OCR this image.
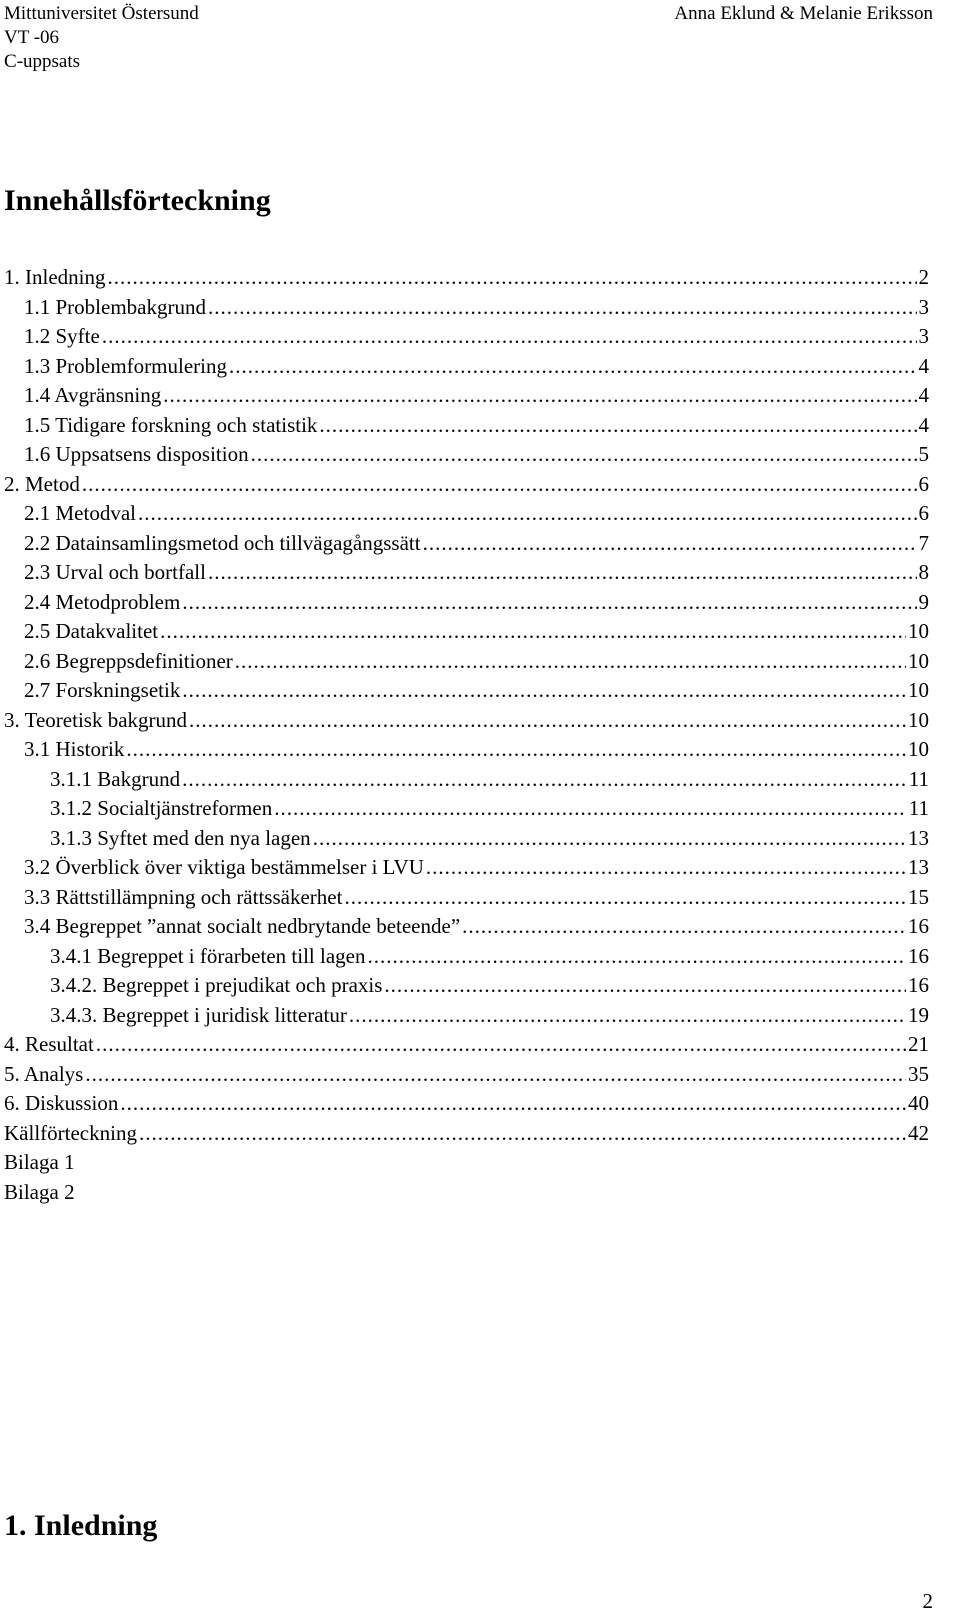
Mittuniversitet Östersund
VT -06
C-uppsats
Anna Eklund & Melanie Eriksson
Innehållsförteckning
1. Inledning .....	2
1.1 Problembakgrund .....	3
1.2 Syfte .....	3
1.3 Problemformulering .....	4
1.4 Avgränsning .....	4
1.5 Tidigare forskning och statistik .....	4
1.6 Uppsatsens disposition .....	5
2. Metod .....	6
2.1 Metodval .....	6
2.2 Datainsamlingsmetod och tillvägagångssätt .....	7
2.3 Urval och bortfall .....	8
2.4 Metodproblem .....	9
2.5 Datakvalitet .....	10
2.6 Begreppsdefinitioner .....	10
2.7 Forskningsetik .....	10
3. Teoretisk bakgrund .....	10
3.1 Historik .....	10
3.1.1 Bakgrund .....	11
3.1.2 Socialtjänstreformen .....	11
3.1.3 Syftet med den nya lagen .....	13
3.2 Överblick över viktiga bestämmelser i LVU .....	13
3.3 Rättstillämpning och rättssäkerhet .....	15
3.4 Begreppet ”annat socialt nedbrytande beteende” .....	16
3.4.1 Begreppet i förarbeten till lagen .....	16
3.4.2. Begreppet i prejudikat och praxis .....	16
3.4.3. Begreppet i juridisk litteratur .....	19
4. Resultat .....	21
5. Analys .....	35
6. Diskussion .....	40
Källförteckning .....	42
Bilaga 1
Bilaga 2
1. Inledning
2
